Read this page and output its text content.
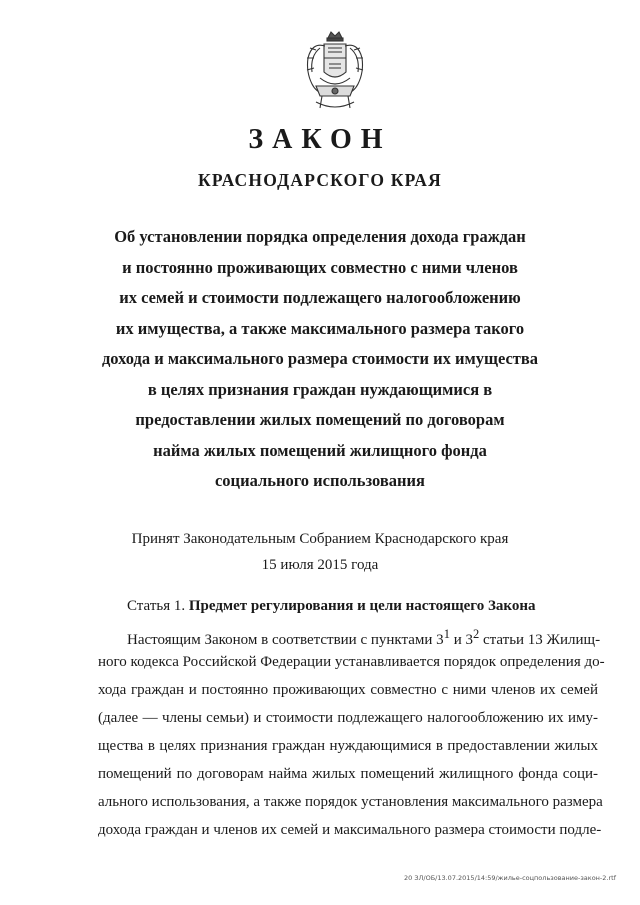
ЗАКОН
КРАСНОДАРСКОГО КРАЯ
Об установлении порядка определения дохода граждан
и постоянно проживающих совместно с ними членов
их семей и стоимости подлежащего налогообложению
их имущества, а также максимального размера такого
дохода и максимального размера стоимости их имущества
в целях признания граждан нуждающимися в
предоставлении жилых помещений по договорам
найма жилых помещений жилищного фонда
социального использования
Принят Законодательным Собранием Краснодарского края
15 июля 2015 года

Статья 1. Предмет регулирования и цели настоящего Закона

Настоящим Законом в соответствии с пунктами $3^1$ и $3^2$ статьи 13 Жилищ-
ного кодекса Российской Федерации устанавливается порядок определения до-
хода граждан и постоянно проживающих совместно с ними членов их семей
(далее — члены семьи) и стоимости подлежащего налогообложению их иму-
щества в целях признания граждан нуждающимися в предоставлении жилых
помещений по договорам найма жилых помещений жилищного фонда соци-
ального использования, а также порядок установления максимального размера
дохода граждан и членов их семей и максимального размера стоимости подле-

20 ЗЛ/ОБ/13.07.2015/14:59/жилье-соцпользование-закон-2.rtf
